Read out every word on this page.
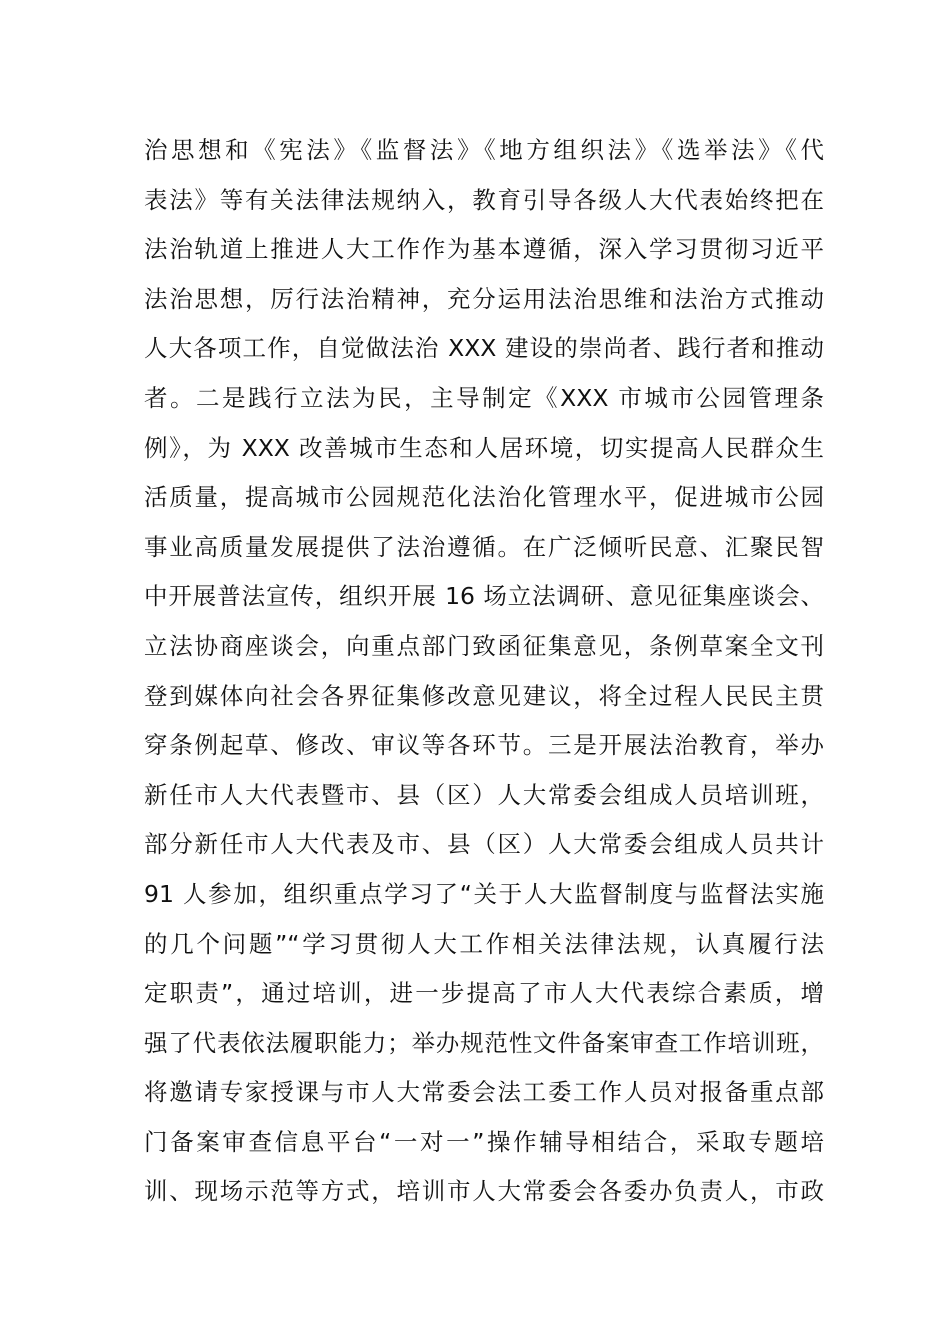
治思想和《宪法》《监督法》《地方组织法》《选举法》《代
表法》等有关法律法规纳入，教育引导各级人大代表始终把在
法治轨道上推进人大工作作为基本遵循，深入学习贯彻习近平
法治思想，厉行法治精神，充分运用法治思维和法治方式推动
人大各项工作，自觉做法治 XXX 建设的崇尚者、践行者和推动
者。二是践行立法为民，主导制定《XXX 市城市公园管理条
例》，为 XXX 改善城市生态和人居环境，切实提高人民群众生
活质量，提高城市公园规范化法治化管理水平，促进城市公园
事业高质量发展提供了法治遵循。在广泛倾听民意、汇聚民智
中开展普法宣传，组织开展 16 场立法调研、意见征集座谈会、
立法协商座谈会，向重点部门致函征集意见，条例草案全文刊
登到媒体向社会各界征集修改意见建议，将全过程人民民主贯
穿条例起草、修改、审议等各环节。三是开展法治教育，举办
新任市人大代表暨市、县（区）人大常委会组成人员培训班，
部分新任市人大代表及市、县（区）人大常委会组成人员共计
91 人参加，组织重点学习了“关于人大监督制度与监督法实施
的几个问题”“学习贯彻人大工作相关法律法规，认真履行法
定职责”，通过培训，进一步提高了市人大代表综合素质，增
强了代表依法履职能力；举办规范性文件备案审查工作培训班，
将邀请专家授课与市人大常委会法工委工作人员对报备重点部
门备案审查信息平台“一对一”操作辅导相结合，采取专题培
训、现场示范等方式，培训市人大常委会各委办负责人，市政
